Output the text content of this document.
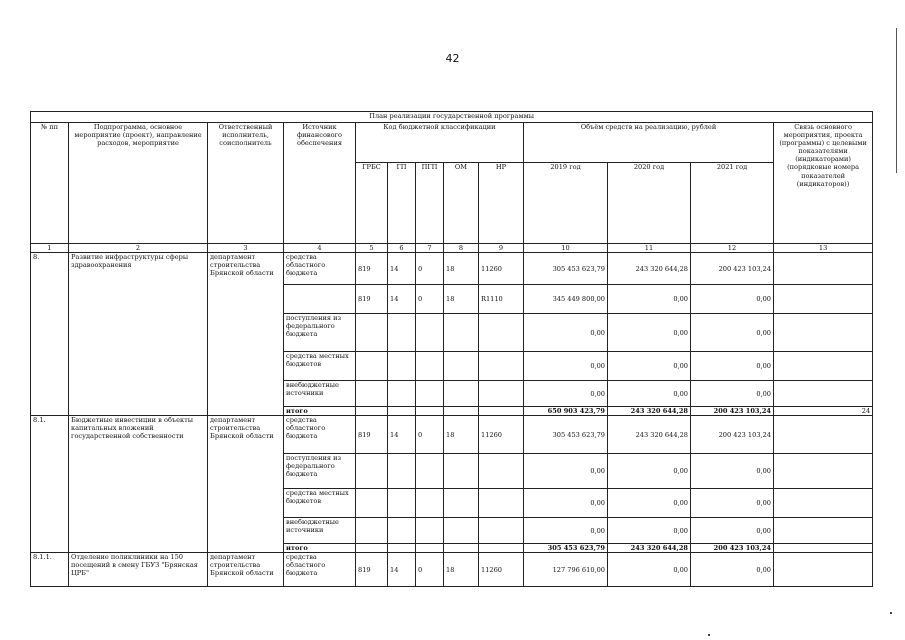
42
План реализации государственной программы												
№ пп	Подпрограмма, основное мероприятие (проект), направление расходов, мероприятие	Ответственный исполнитель, соисполнитель	Источник финансового обеспечения	Код бюджетной классификации					Объём средств на реализацию, рублей			Связь основного мероприятия, проекта (программы) с целевыми показателями (индикаторами) (порядковые номера показателей (индикаторов))
				ГРБС	ГП	ПГП	ОМ	НР	2019 год	2020 год	2021 год	
1	2	3	4	5	6	7	8	9	10	11	12	13
8.	Развитие инфраструктуры сферы здравоохранения	департамент строительства Брянской области	средства областного бюджета	819	14	0	18	11260	305 453 623,79	243 320 644,28	200 423 103,24	
				819	14	0	18	R1110	345 449 800,00	0,00	0,00	
			поступления из федерального бюджета						0,00	0,00	0,00	
			средства местных бюджетов						0,00	0,00	0,00	
			внебюджетные источники						0,00	0,00	0,00	
			итого						650 903 423,79	243 320 644,28	200 423 103,24	24
8.1.	Бюджетные инвестиции в объекты капитальных вложений государственной собственности	департамент строительства Брянской области	средства областного бюджета	819	14	0	18	11260	305 453 623,79	243 320 644,28	200 423 103,24	
			поступления из федерального бюджета						0,00	0,00	0,00	
			средства местных бюджетов						0,00	0,00	0,00	
			внебюджетные источники						0,00	0,00	0,00	
			итого						305 453 623,79	243 320 644,28	200 423 103,24	
8.1.1.	Отделение поликлиники на 150 посещений в смену ГБУЗ "Брянская ЦРБ"	департамент строительства Брянской области	средства областного бюджета	819	14	0	18	11260	127 796 610,00	0,00	0,00	
